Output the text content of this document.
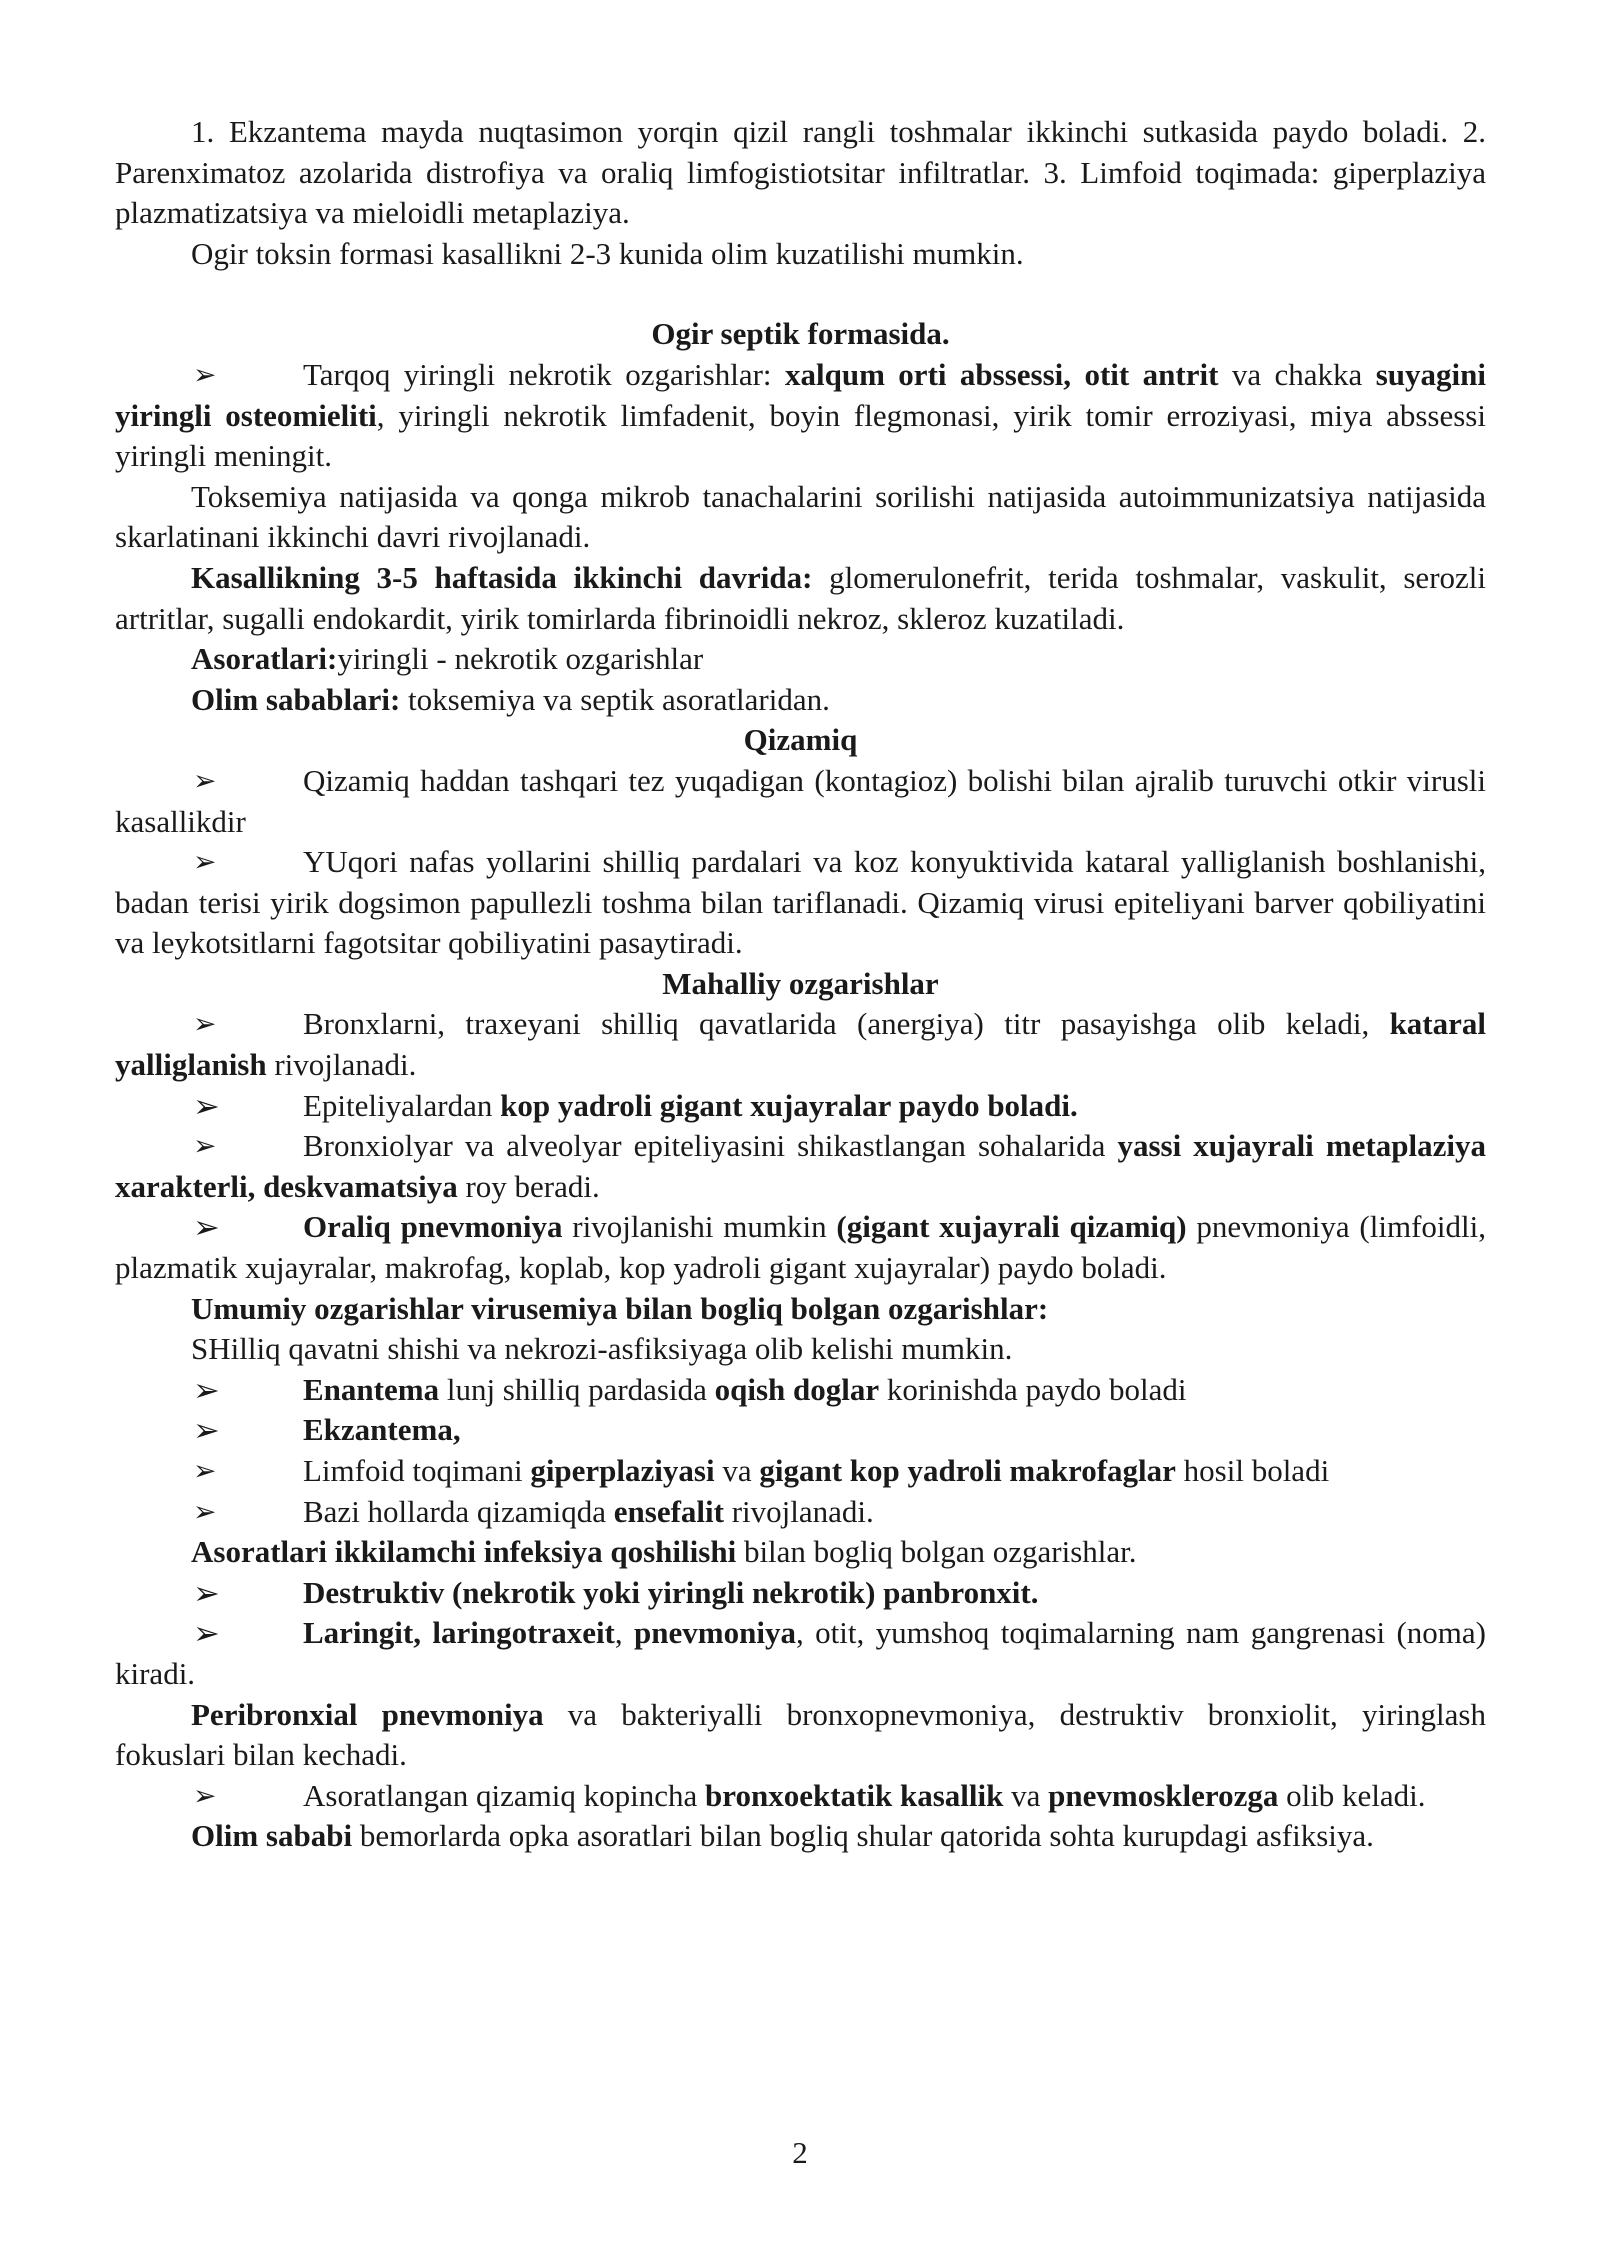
1. Ekzantema mayda nuqtasimon yorqin qizil rangli toshmalar ikkinchi sutkasida paydo boladi. 2. Parenximatoz azolarida distrofiya va oraliq limfogistiotsitar infiltratlar. 3. Limfoid toqimada: giperplaziya plazmatizatsiya va mieloidli metaplaziya.

Ogir toksin formasi kasallikni 2-3 kunida olim kuzatilishi mumkin.

Ogir septik formasida.

➢	Tarqoq yiringli nekrotik ozgarishlar: xalqum orti abssessi, otit antrit va chakka suyagini yiringli osteomieliti, yiringli nekrotik limfadenit, boyin flegmonasi, yirik tomir erroziyasi, miya abssessi yiringli meningit.

Toksemiya natijasida va qonga mikrob tanachalarini sorilishi natijasida autoimmunizatsiya natijasida skarlatinani ikkinchi davri rivojlanadi.

Kasallikning 3-5 haftasida ikkinchi davrida: glomerulonefrit, terida toshmalar, vaskulit, serozli artritlar, sugalli endokardit, yirik tomirlarda fibrinoidli nekroz, skleroz kuzatiladi.

Asoratlari:yiringli - nekrotik ozgarishlar

Olim sabablari: toksemiya va septik asoratlaridan.

Qizamiq

➢	Qizamiq haddan tashqari tez yuqadigan (kontagioz) bolishi bilan ajralib turuvchi otkir virusli kasallikdir

➢	YUqori nafas yollarini shilliq pardalari va koz konyuktivida kataral yalliglanish boshlanishi, badan terisi yirik dogsimon papullezli toshma bilan tariflanadi. Qizamiq virusi epiteliyani barver qobiliyatini va leykotsitlarni fagotsitar qobiliyatini pasaytiradi.

Mahalliy ozgarishlar

➢	Bronxlarni, traxeyani shilliq qavatlarida (anergiya) titr pasayishga olib keladi, kataral yalliglanish rivojlanadi.

➢	Epiteliyalardan kop yadroli gigant xujayralar paydo boladi.

➢	Bronxiolyar va alveolyar epiteliyasini shikastlangan sohalarida yassi xujayrali metaplaziya xarakterli, deskvamatsiya roy beradi.

➢	Oraliq pnevmoniya rivojlanishi mumkin (gigant xujayrali qizamiq) pnevmoniya (limfoidli, plazmatik xujayralar, makrofag, koplab, kop yadroli gigant xujayralar) paydo boladi.

Umumiy ozgarishlar virusemiya bilan bogliq bolgan ozgarishlar:

SHilliq qavatni shishi va nekrozi-asfiksiyaga olib kelishi mumkin.

➢	Enantema lunj shilliq pardasida oqish doglar korinishda paydo boladi

➢	Ekzantema,

➢	Limfoid toqimani giperplaziyasi va gigant kop yadroli makrofaglar hosil boladi

➢	Bazi hollarda qizamiqda ensefalit rivojlanadi.

Asoratlari ikkilamchi infeksiya qoshilishi bilan bogliq bolgan ozgarishlar.

➢	Destruktiv (nekrotik yoki yiringli nekrotik) panbronxit.

➢	Laringit, laringotraxeit, pnevmoniya, otit, yumshoq toqimalarning nam gangrenasi (noma) kiradi.

Peribronxial pnevmoniya va bakteriyalli bronxopnevmoniya, destruktiv bronxiolit, yiringlash fokuslari bilan kechadi.

➢	Asoratlangan qizamiq kopincha bronxoektatik kasallik va pnevmosklerozga olib keladi.

Olim sababi bemorlarda opka asoratlari bilan bogliq shular qatorida sohta kurupdagi asfiksiya.

2
